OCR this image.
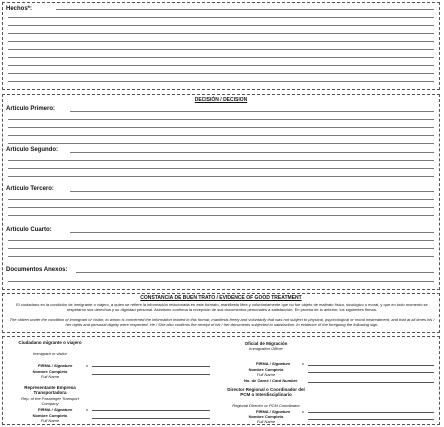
Hechos*:
DECISIÓN / DECISION
Artículo Primero:
Artículo Segundo:
Artículo Tercero:
Artículo Cuarto:
Documentos Anexos:
CONSTANCIA DE BUEN TRATO / EVIDENCE OF GOOD TREATMENT
El ciudadano en la condición de inmigrante o viajero, a quien se refiere la información relacionada en este formato, manifiesta libre y voluntariamente que no fue objeto de maltrato físico, sicológico o moral, y que en todo momento se respetaron sus derechos y su dignidad personal. Asimismo confirma la recepción de sus documentos personales a satisfacción. En prueba de lo anterior, los siguientes firman.
The citizen under the condition of immigrant or visitor, to whom is concerned the information related in this format, manifests freely and voluntarily that was not subject to physical, psychological or moral mistreatment, and that at all times his / her rights and personal dignity were respected. He / She also confirms the receipt of his / her documents subjected to satisfaction. In evidence of the foregoing the following sign.
Ciudadano migrante o viajero
Immigrant or visitor
FIRMA / Signature	x
Nombre Completo
Full Name
Representante Empresa Transportadora
Rep. of the Passenger Transport Company
FIRMA / Signature	x
Nombre Completo
Full Name
Oficial de Migración
Immigration Officer
FIRMA / Signature	x
Nombre Completo
Full Name
No. de Carné / Card Number
Director Regional o Coordinador del PCM o Interdisciplinario
Regional Director or PCM Coordinator
FIRMA / Signature	x
Nombre Completo
Full Name
